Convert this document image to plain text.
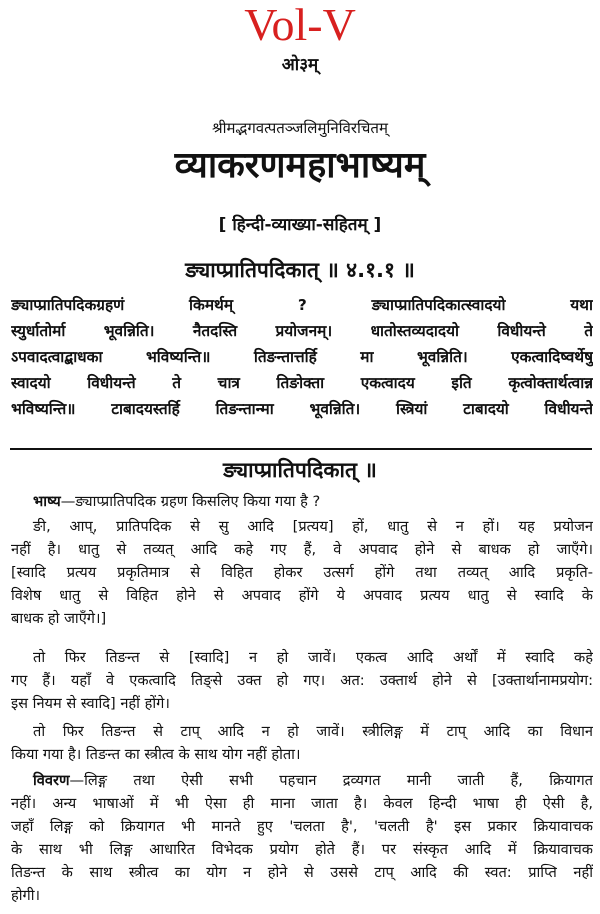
Vol-V
ओ३म्
श्रीमद्भगवत्पतञ्जलिमुनिविरचितम्
व्याकरणमहाभाष्यम्
[ हिन्दी-व्याख्या-सहितम् ]
ङ्याप्प्रातिपदिकात् ॥ ४.१.१ ॥
ङ्याप्प्रातिपदिकग्रहणं किमर्थम् ? ङ्याप्प्रातिपदिकात्स्वादयो यथा
स्युर्धातोर्मा भूवन्निति। नैतदस्ति प्रयोजनम्। धातोस्तव्यदादयो विधीयन्ते ते
ऽपवादत्वाद्बाधका भविष्यन्ति॥ तिङन्तात्तर्हि मा भूवन्निति। एकत्वादिष्वर्थेषु
स्वादयो विधीयन्ते ते चात्र तिङोक्ता एकत्वादय इति कृत्वोक्तार्थत्वान्न
भविष्यन्ति॥ टाबादयस्तर्हि तिङन्तान्मा भूवन्निति। स्त्रियां टाबादयो विधीयन्ते
ङ्याप्प्रातिपदिकात् ॥
भाष्य—ङ्याप्प्रातिपदिक ग्रहण किसलिए किया गया है ?
ङी, आप्, प्रातिपदिक से सु आदि [प्रत्यय] हों, धातु से न हों। यह प्रयोजन
नहीं है। धातु से तव्यत् आदि कहे गए हैं, वे अपवाद होने से बाधक हो जाएँगे।
[स्वादि प्रत्यय प्रकृतिमात्र से विहित होकर उत्सर्ग होंगे तथा तव्यत् आदि प्रकृति-
विशेष धातु से विहित होने से अपवाद होंगे ये अपवाद प्रत्यय धातु से स्वादि के
बाधक हो जाएँगे।]
तो फिर तिङन्त से [स्वादि] न हो जावें। एकत्व आदि अर्थों में स्वादि कहे
गए हैं। यहाँ वे एकत्वादि तिङ्से उक्त हो गए। अत: उक्तार्थ होने से [उक्तार्थानामप्रयोग:
इस नियम से स्वादि] नहीं होंगे।
तो फिर तिङन्त से टाप् आदि न हो जावें। स्त्रीलिङ्ग में टाप् आदि का विधान
किया गया है। तिङन्त का स्त्रीत्व के साथ योग नहीं होता।
विवरण—लिङ्ग तथा ऐसी सभी पहचान द्रव्यगत मानी जाती हैं, क्रियागत
नहीं। अन्य भाषाओं में भी ऐसा ही माना जाता है। केवल हिन्दी भाषा ही ऐसी है,
जहाँ लिङ्ग को क्रियागत भी मानते हुए 'चलता है', 'चलती है' इस प्रकार क्रियावाचक
के साथ भी लिङ्ग आधारित विभेदक प्रयोग होते हैं। पर संस्कृत आदि में क्रियावाचक
तिङन्त के साथ स्त्रीत्व का योग न होने से उससे टाप् आदि की स्वत: प्राप्ति नहीं
होगी।
